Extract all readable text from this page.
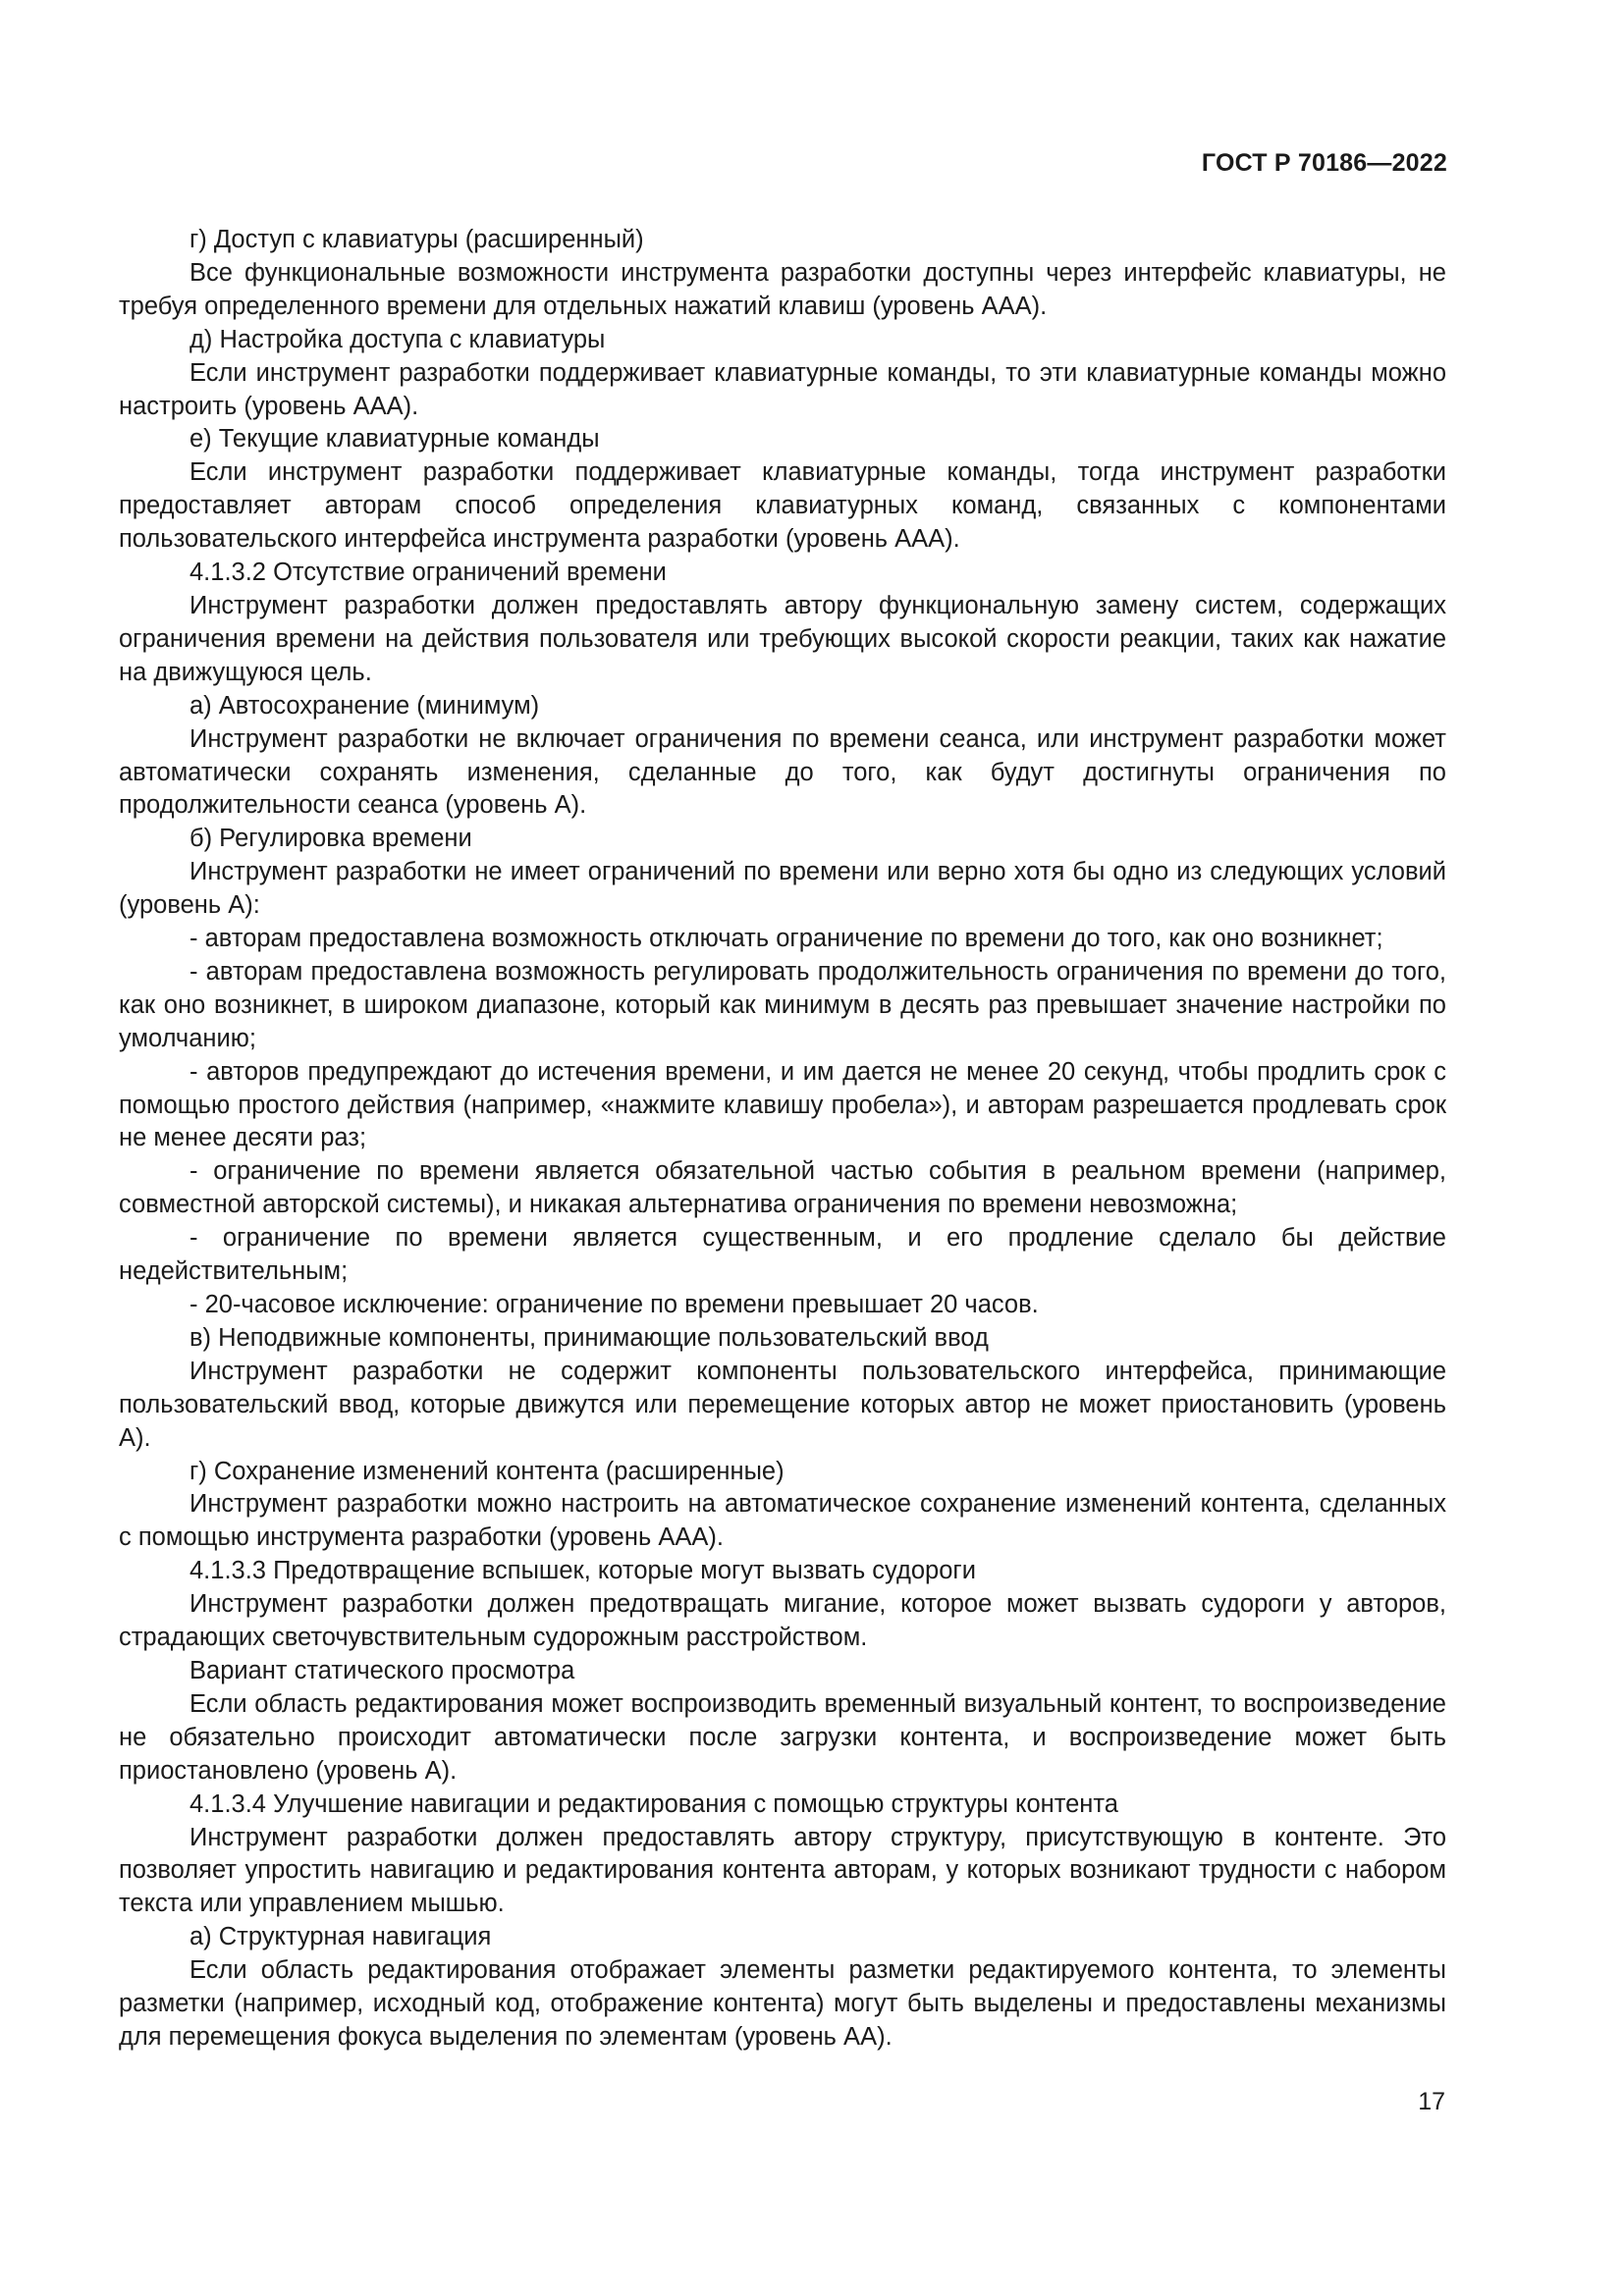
ГОСТ Р 70186—2022

г) Доступ с клавиатуры (расширенный)

Все функциональные возможности инструмента разработки доступны через интерфейс клавиатуры, не требуя определенного времени для отдельных нажатий клавиш (уровень ААА).

д) Настройка доступа с клавиатуры

Если инструмент разработки поддерживает клавиатурные команды, то эти клавиатурные команды можно настроить (уровень ААА).

е) Текущие клавиатурные команды

Если инструмент разработки поддерживает клавиатурные команды, тогда инструмент разработки предоставляет авторам способ определения клавиатурных команд, связанных с компонентами пользовательского интерфейса инструмента разработки (уровень ААА).

4.1.3.2 Отсутствие ограничений времени

Инструмент разработки должен предоставлять автору функциональную замену систем, содержащих ограничения времени на действия пользователя или требующих высокой скорости реакции, таких как нажатие на движущуюся цель.

а) Автосохранение (минимум)

Инструмент разработки не включает ограничения по времени сеанса, или инструмент разработки может автоматически сохранять изменения, сделанные до того, как будут достигнуты ограничения по продолжительности сеанса (уровень А).

б) Регулировка времени

Инструмент разработки не имеет ограничений по времени или верно хотя бы одно из следующих условий (уровень А):

- авторам предоставлена возможность отключать ограничение по времени до того, как оно возникнет;

- авторам предоставлена возможность регулировать продолжительность ограничения по времени до того, как оно возникнет, в широком диапазоне, который как минимум в десять раз превышает значение настройки по умолчанию;

- авторов предупреждают до истечения времени, и им дается не менее 20 секунд, чтобы продлить срок с помощью простого действия (например, «нажмите клавишу пробела»), и авторам разрешается продлевать срок не менее десяти раз;

- ограничение по времени является обязательной частью события в реальном времени (например, совместной авторской системы), и никакая альтернатива ограничения по времени невозможна;

- ограничение по времени является существенным, и его продление сделало бы действие недействительным;

- 20-часовое исключение: ограничение по времени превышает 20 часов.

в) Неподвижные компоненты, принимающие пользовательский ввод

Инструмент разработки не содержит компоненты пользовательского интерфейса, принимающие пользовательский ввод, которые движутся или перемещение которых автор не может приостановить (уровень А).

г) Сохранение изменений контента (расширенные)

Инструмент разработки можно настроить на автоматическое сохранение изменений контента, сделанных с помощью инструмента разработки (уровень ААА).

4.1.3.3 Предотвращение вспышек, которые могут вызвать судороги

Инструмент разработки должен предотвращать мигание, которое может вызвать судороги у авторов, страдающих светочувствительным судорожным расстройством.

Вариант статического просмотра

Если область редактирования может воспроизводить временный визуальный контент, то воспроизведение не обязательно происходит автоматически после загрузки контента, и воспроизведение может быть приостановлено (уровень А).

4.1.3.4 Улучшение навигации и редактирования с помощью структуры контента

Инструмент разработки должен предоставлять автору структуру, присутствующую в контенте. Это позволяет упростить навигацию и редактирования контента авторам, у которых возникают трудности с набором текста или управлением мышью.

а) Структурная навигация

Если область редактирования отображает элементы разметки редактируемого контента, то элементы разметки (например, исходный код, отображение контента) могут быть выделены и предоставлены механизмы для перемещения фокуса выделения по элементам (уровень АА).

17
